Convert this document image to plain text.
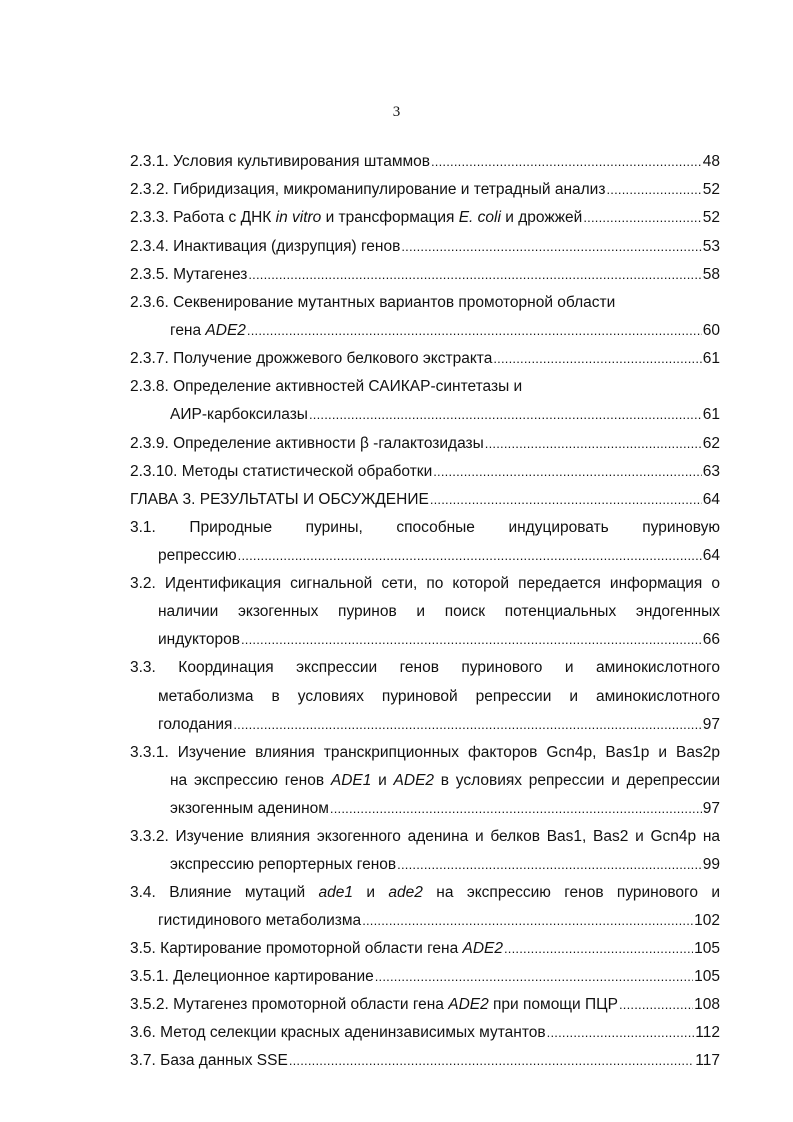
3
2.3.1. Условия культивирования штаммов .....	48
2.3.2. Гибридизация, микроманипулирование и тетрадный анализ .....	52
2.3.3. Работа с ДНК in vitro и трансформация E. coli и дрожжей .....	52
2.3.4. Инактивация (дизрупция) генов .....	53
2.3.5. Мутагенез .....	58
2.3.6. Секвенирование мутантных вариантов промоторной области
гена ADE2 .....	60
2.3.7. Получение дрожжевого белкового экстракта .....	61
2.3.8. Определение активностей САИКАР-синтетазы и
АИР-карбоксилазы .....	61
2.3.9. Определение активности β -галактозидазы .....	62
2.3.10. Методы статистической обработки .....	63
ГЛАВА 3. РЕЗУЛЬТАТЫ И ОБСУЖДЕНИЕ .....	64
3.1. Природные пурины, способные индуцировать пуриновую
репрессию .....	64
3.2. Идентификация сигнальной сети, по которой передается информация о
наличии экзогенных пуринов и поиск потенциальных эндогенных
индукторов .....	66
3.3. Координация экспрессии генов пуринового и аминокислотного
метаболизма в условиях пуриновой репрессии и аминокислотного
голодания .....	97
3.3.1. Изучение влияния транскрипционных факторов Gcn4p, Bas1p и Bas2p
на экспрессию генов ADE1 и ADE2 в условиях репрессии и дерепрессии
экзогенным аденином .....	97
3.3.2. Изучение влияния экзогенного аденина и белков Bas1, Bas2 и Gcn4p на
экспрессию репортерных генов .....	99
3.4. Влияние мутаций ade1 и ade2 на экспрессию генов пуринового и
гистидинового метаболизма .....	102
3.5. Картирование промоторной области гена ADE2 .....	105
3.5.1. Делеционное картирование .....	105
3.5.2. Мутагенез промоторной области гена ADE2 при помощи ПЦР .....	108
3.6. Метод селекции красных аденинзависимых мутантов .....	112
3.7. База данных SSE .....	117
